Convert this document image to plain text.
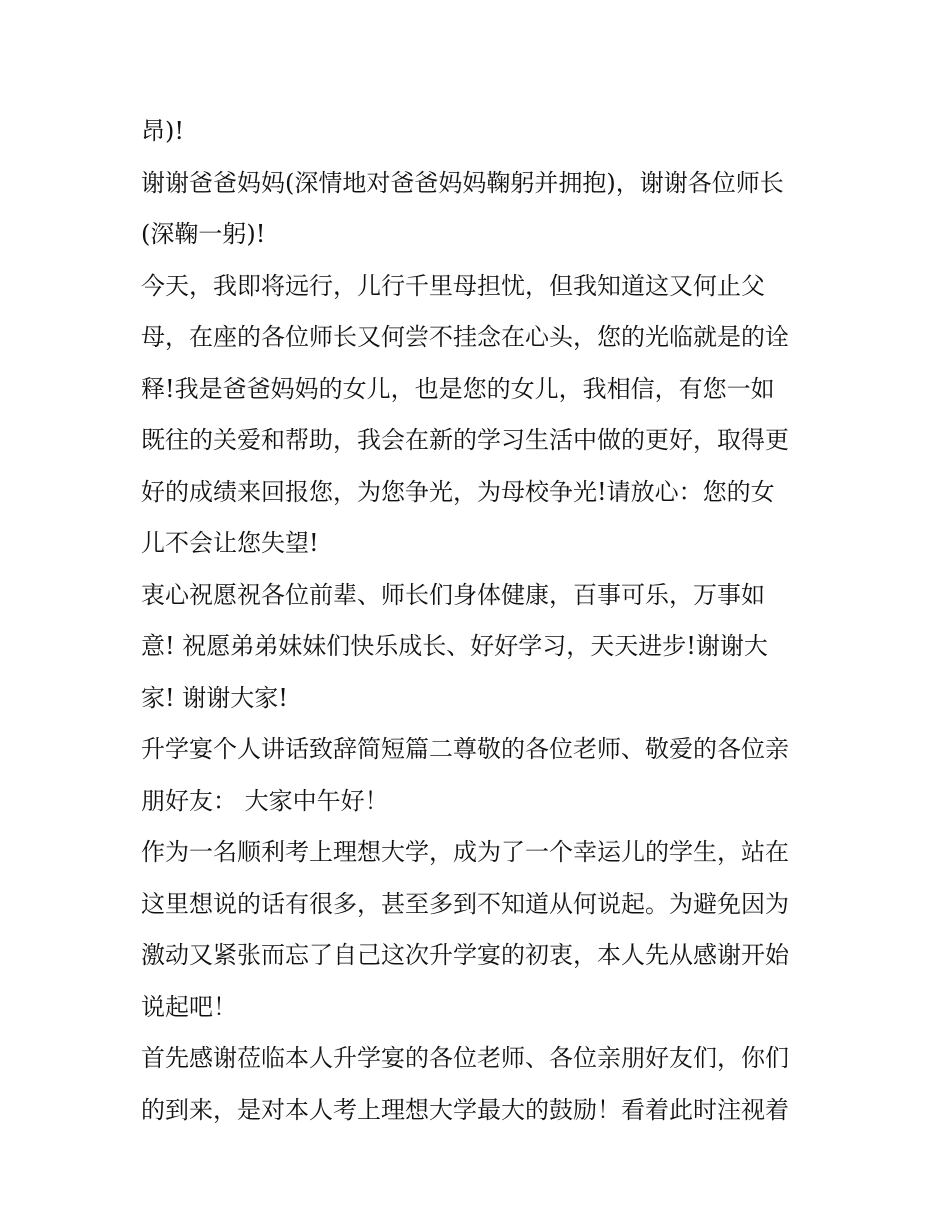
昂)!
谢谢爸爸妈妈(深情地对爸爸妈妈鞠躬并拥抱)，谢谢各位师长
(深鞠一躬)!
今天，我即将远行，儿行千里母担忧，但我知道这又何止父
母，在座的各位师长又何尝不挂念在心头，您的光临就是的诠
释!我是爸爸妈妈的女儿，也是您的女儿，我相信，有您一如
既往的关爱和帮助，我会在新的学习生活中做的更好，取得更
好的成绩来回报您，为您争光，为母校争光!请放心：您的女
儿不会让您失望!
衷心祝愿祝各位前辈、师长们身体健康，百事可乐，万事如
意! 祝愿弟弟妹妹们快乐成长、好好学习，天天进步!谢谢大
家! 谢谢大家!
升学宴个人讲话致辞简短篇二尊敬的各位老师、敬爱的各位亲
朋好友： 大家中午好！
作为一名顺利考上理想大学，成为了一个幸运儿的学生，站在
这里想说的话有很多，甚至多到不知道从何说起。为避免因为
激动又紧张而忘了自己这次升学宴的初衷，本人先从感谢开始
说起吧！
首先感谢莅临本人升学宴的各位老师、各位亲朋好友们，你们
的到来，是对本人考上理想大学最大的鼓励！看着此时注视着
